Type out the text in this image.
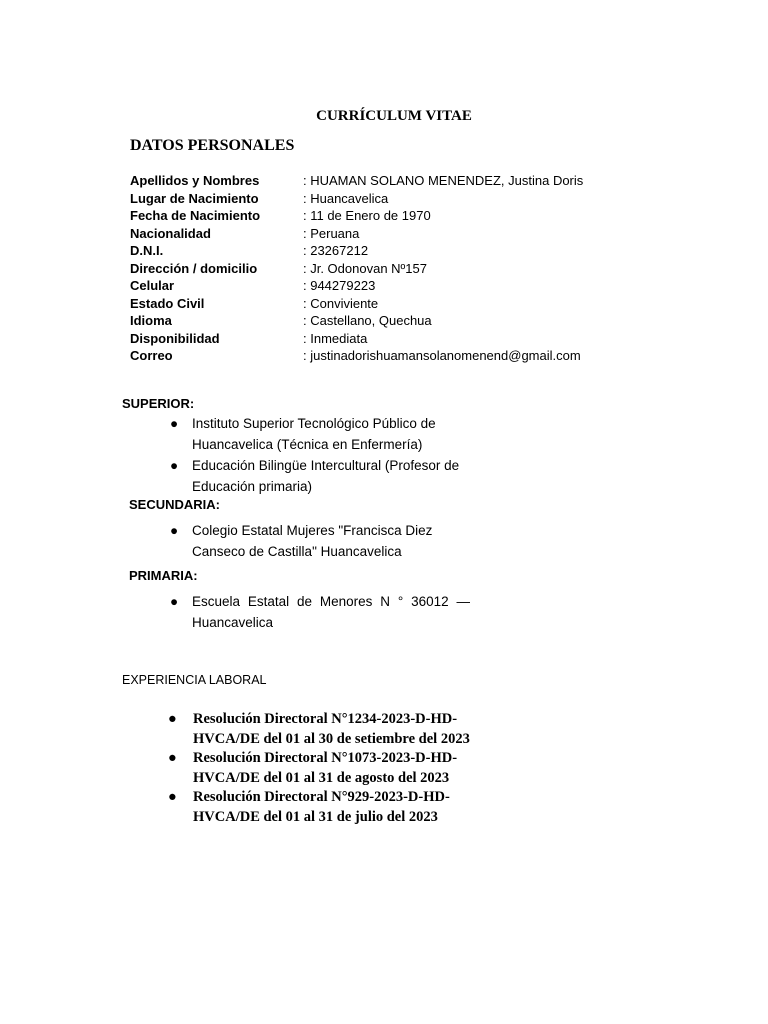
CURRÍCULUM VITAE
DATOS PERSONALES
Apellidos y Nombres	: HUAMAN SOLANO MENENDEZ, Justina Doris
Lugar de Nacimiento	: Huancavelica
Fecha de Nacimiento	: 11 de Enero de 1970
Nacionalidad	: Peruana
D.N.I.	: 23267212
Dirección / domicilio	: Jr. Odonovan Nº157
Celular	: 944279223
Estado Civil	: Conviviente
Idioma	: Castellano, Quechua
Disponibilidad	: Inmediata
Correo	: justinadorishuamansolanomenend@gmail.com
SUPERIOR:
●	Instituto Superior Tecnológico Público de Huancavelica (Técnica en Enfermería)
●	Educación Bilingüe Intercultural (Profesor de Educación primaria)
SECUNDARIA:
●	Colegio Estatal Mujeres "Francisca Diez Canseco de Castilla" Huancavelica
PRIMARIA:
●	Escuela Estatal de Menores N ° 36012 — Huancavelica
EXPERIENCIA LABORAL
●	Resolución Directoral N°1234-2023-D-HD-HVCA/DE del 01 al 30 de setiembre del 2023
●	Resolución Directoral N°1073-2023-D-HD-HVCA/DE del 01 al 31 de agosto del 2023
●	Resolución Directoral N°929-2023-D-HD-HVCA/DE del 01 al 31 de julio del 2023
